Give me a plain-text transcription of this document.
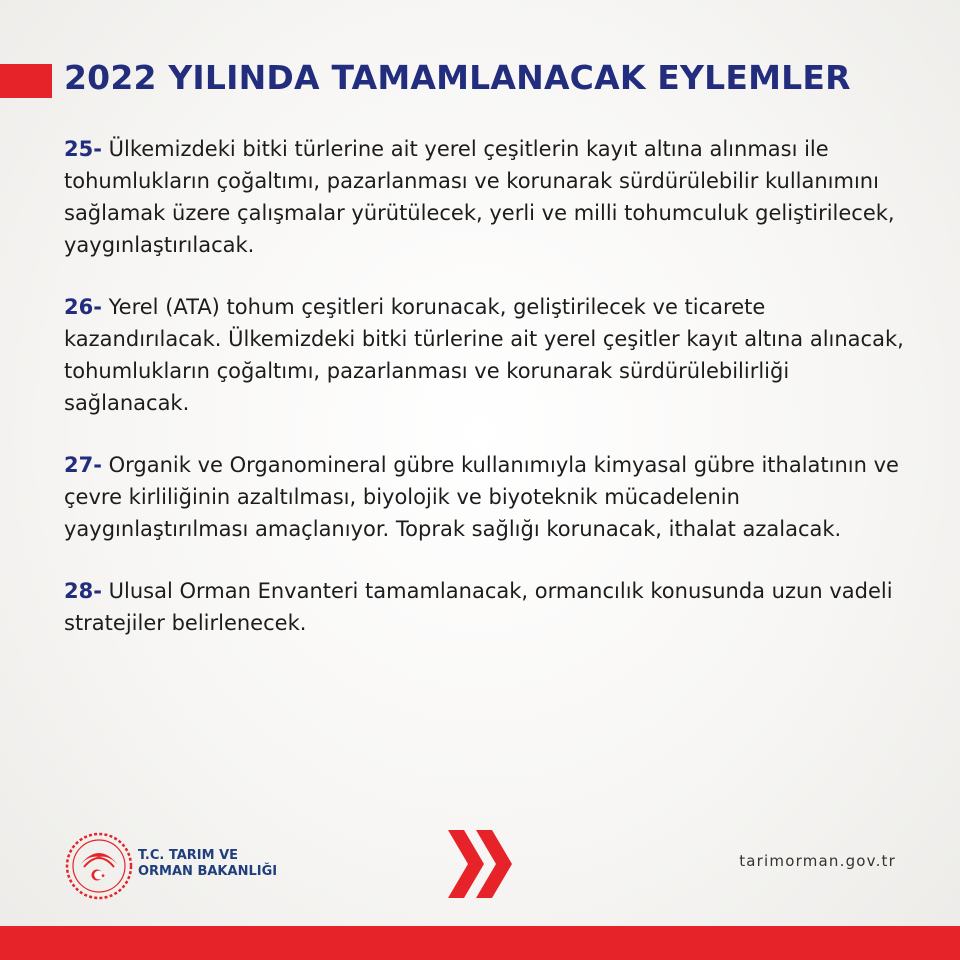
2022 YILINDA TAMAMLANACAK EYLEMLER

25- Ülkemizdeki bitki türlerine ait yerel çeşitlerin kayıt altına alınması ile tohumlukların çoğaltımı, pazarlanması ve korunarak sürdürülebilir kullanımını sağlamak üzere çalışmalar yürütülecek, yerli ve milli tohumculuk geliştirilecek, yaygınlaştırılacak.

26- Yerel (ATA) tohum çeşitleri korunacak, geliştirilecek ve ticarete kazandırılacak. Ülkemizdeki bitki türlerine ait yerel çeşitler kayıt altına alınacak, tohumlukların çoğaltımı, pazarlanması ve korunarak sürdürülebilirliği sağlanacak.

27- Organik ve Organomineral gübre kullanımıyla kimyasal gübre ithalatının ve çevre kirliliğinin azaltılması, biyolojik ve biyoteknik mücadelenin yaygınlaştırılması amaçlanıyor. Toprak sağlığı korunacak, ithalat azalacak.

28- Ulusal Orman Envanteri tamamlanacak, ormancılık konusunda uzun vadeli stratejiler belirlenecek.

T.C. TARIM VE
ORMAN BAKANLIĞI
tarimorman.gov.tr
